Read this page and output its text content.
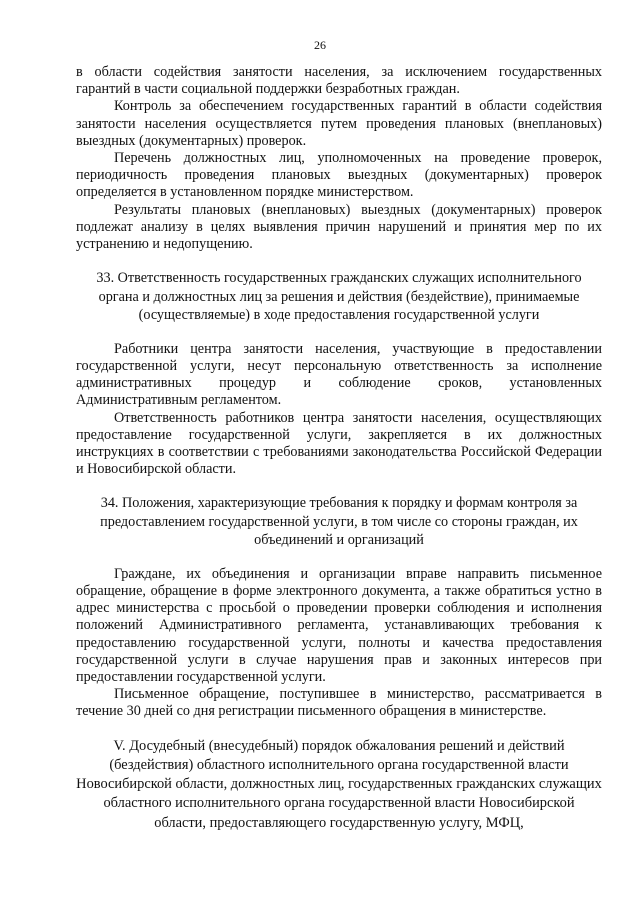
26

в области содействия занятости населения, за исключением государственных гарантий в части социальной поддержки безработных граждан.

Контроль за обеспечением государственных гарантий в области содействия занятости населения осуществляется путем проведения плановых (внеплановых) выездных (документарных) проверок.

Перечень должностных лиц, уполномоченных на проведение проверок, периодичность проведения плановых выездных (документарных) проверок определяется в установленном порядке министерством.

Результаты плановых (внеплановых) выездных (документарных) проверок подлежат анализу в целях выявления причин нарушений и принятия мер по их устранению и недопущению.

33. Ответственность государственных гражданских служащих исполнительного органа и должностных лиц за решения и действия (бездействие), принимаемые (осуществляемые) в ходе предоставления государственной услуги

Работники центра занятости населения, участвующие в предоставлении государственной услуги, несут персональную ответственность за исполнение административных процедур и соблюдение сроков, установленных Административным регламентом.

Ответственность работников центра занятости населения, осуществляющих предоставление государственной услуги, закрепляется в их должностных инструкциях в соответствии с требованиями законодательства Российской Федерации и Новосибирской области.

34. Положения, характеризующие требования к порядку и формам контроля за предоставлением государственной услуги, в том числе со стороны граждан, их объединений и организаций

Граждане, их объединения и организации вправе направить письменное обращение, обращение в форме электронного документа, а также обратиться устно в адрес министерства с просьбой о проведении проверки соблюдения и исполнения положений Административного регламента, устанавливающих требования к предоставлению государственной услуги, полноты и качества предоставления государственной услуги в случае нарушения прав и законных интересов при предоставлении государственной услуги.

Письменное обращение, поступившее в министерство, рассматривается в течение 30 дней со дня регистрации письменного обращения в министерстве.

V. Досудебный (внесудебный) порядок обжалования решений и действий (бездействия) областного исполнительного органа государственной власти Новосибирской области, должностных лиц, государственных гражданских служащих областного исполнительного органа государственной власти Новосибирской области, предоставляющего государственную услугу, МФЦ,
